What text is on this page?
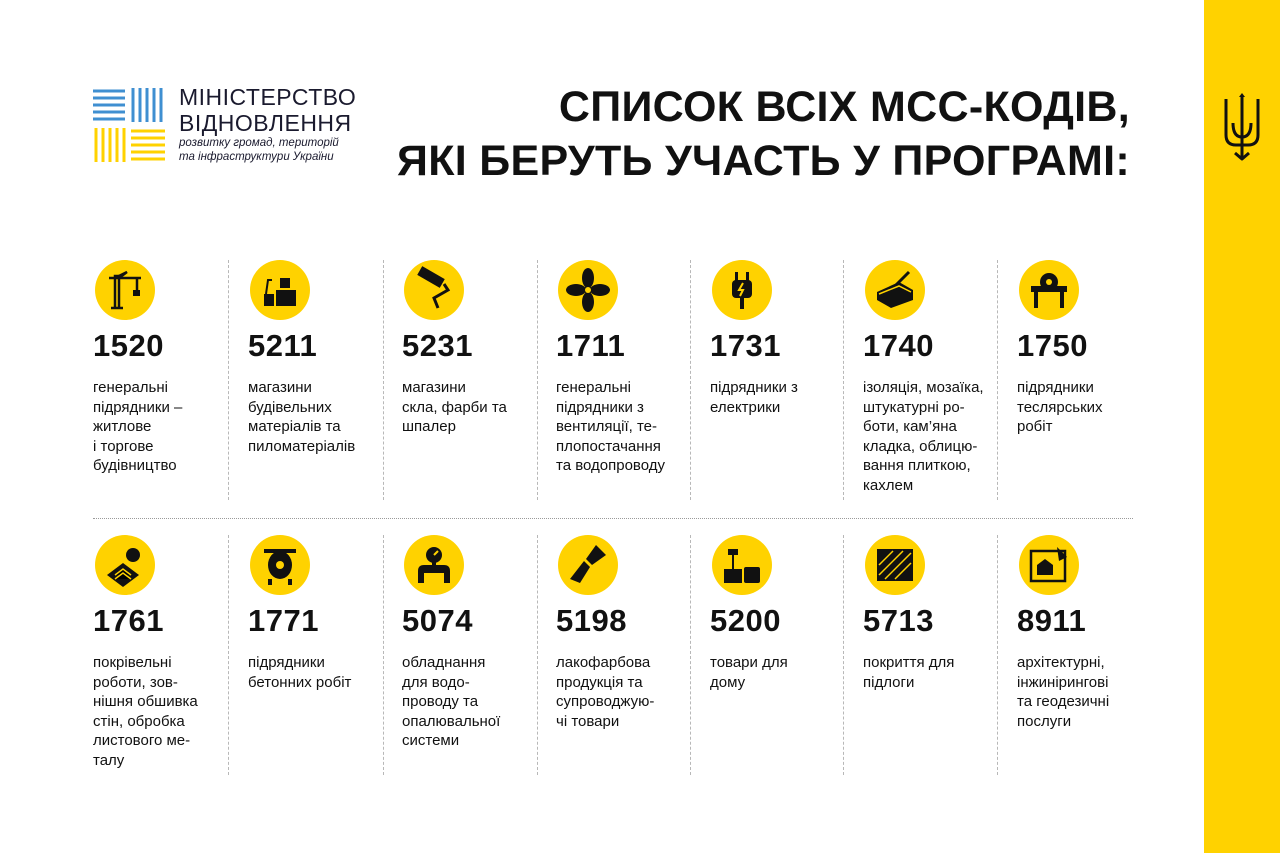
МІНІСТЕРСТВО
ВІДНОВЛЕННЯ
розвитку громад, територій
та інфраструктури України
СПИСОК ВСІХ МСС-КОДІВ,
ЯКІ БЕРУТЬ УЧАСТЬ У ПРОГРАМІ:
1520
генеральні
підрядники –
житлове
і торгове
будівництво
5211
магазини
будівельних
матеріалів та
пиломатеріалів
5231
магазини
скла, фарби та
шпалер
1711
генеральні
підрядники з
вентиляції, те-
плопостачання
та водопроводу
1731
підрядники з
електрики
1740
ізоляція, мозаїка,
штукатурні ро-
боти, кам’яна
кладка, облицю-
вання плиткою,
кахлем
1750
підрядники
теслярських
робіт
1761
покрівельні
роботи, зов-
нішня обшивка
стін, обробка
листового ме-
талу
1771
підрядники
бетонних робіт
5074
обладнання
для водо-
проводу та
опалювальної
системи
5198
лакофарбова
продукція та
супроводжую-
чі товари
5200
товари для
дому
5713
покриття для
підлоги
8911
архітектурні,
інжинірингові
та геодезичні
послуги
